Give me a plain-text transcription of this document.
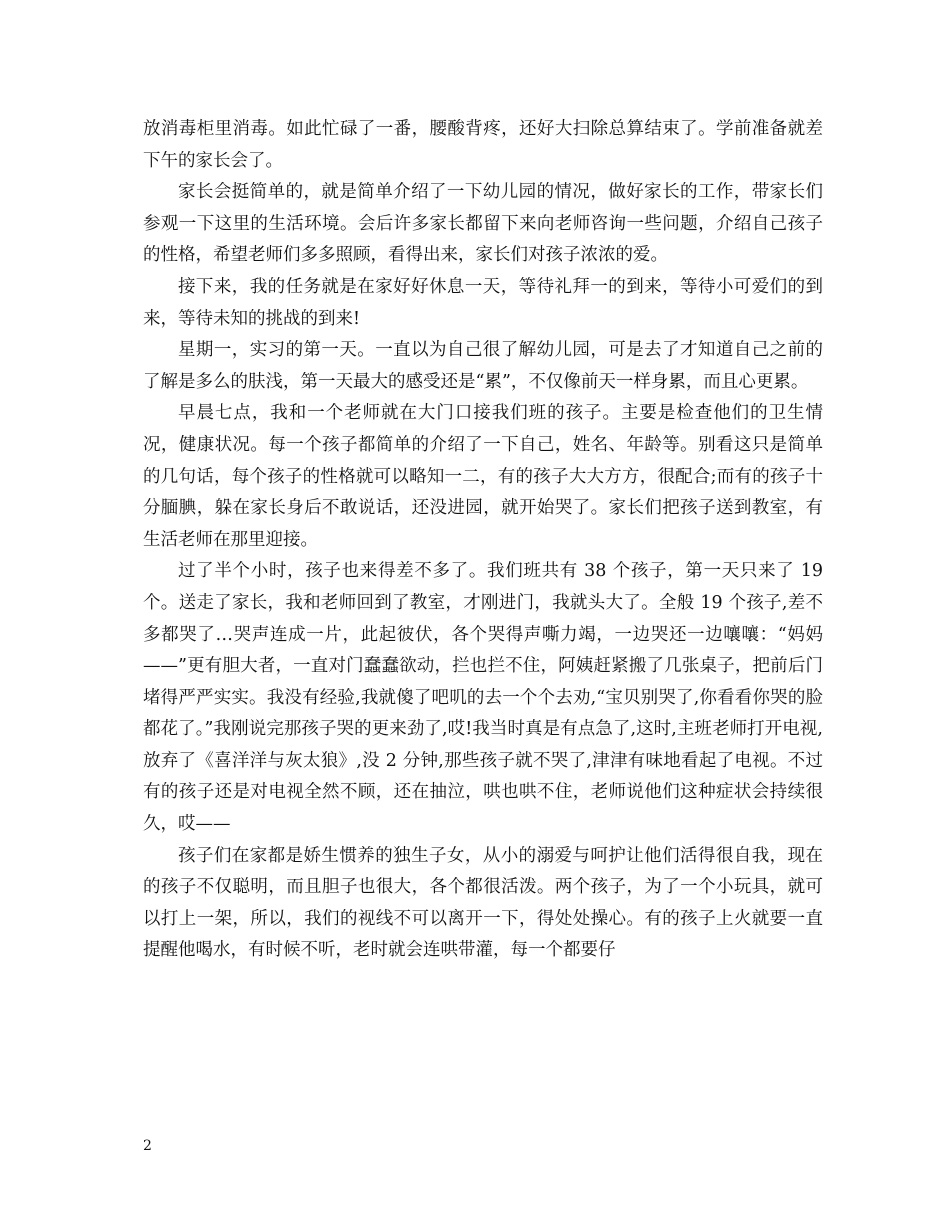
放消毒柜里消毒。如此忙碌了一番，腰酸背疼，还好大扫除总算结束了。学前准备就差下午的家长会了。

家长会挺简单的，就是简单介绍了一下幼儿园的情况，做好家长的工作，带家长们参观一下这里的生活环境。会后许多家长都留下来向老师咨询一些问题，介绍自己孩子的性格，希望老师们多多照顾，看得出来，家长们对孩子浓浓的爱。

接下来，我的任务就是在家好好休息一天，等待礼拜一的到来，等待小可爱们的到来，等待未知的挑战的到来!

星期一，实习的第一天。一直以为自己很了解幼儿园，可是去了才知道自己之前的了解是多么的肤浅，第一天最大的感受还是“累”，不仅像前天一样身累，而且心更累。

早晨七点，我和一个老师就在大门口接我们班的孩子。主要是检查他们的卫生情况，健康状况。每一个孩子都简单的介绍了一下自己，姓名、年龄等。别看这只是简单的几句话，每个孩子的性格就可以略知一二，有的孩子大大方方，很配合;而有的孩子十分腼腆，躲在家长身后不敢说话，还没进园，就开始哭了。家长们把孩子送到教室，有生活老师在那里迎接。

过了半个小时，孩子也来得差不多了。我们班共有 38 个孩子，第一天只来了 19 个。送走了家长，我和老师回到了教室，才刚进门，我就头大了。全般 19 个孩子,差不多都哭了…哭声连成一片，此起彼伏，各个哭得声嘶力竭，一边哭还一边嚷嚷：“妈妈——”更有胆大者，一直对门蠢蠢欲动，拦也拦不住，阿姨赶紧搬了几张桌子，把前后门堵得严严实实。我没有经验,我就傻了吧叽的去一个个去劝,“宝贝别哭了,你看看你哭的脸都花了。”我刚说完那孩子哭的更来劲了,哎!我当时真是有点急了,这时,主班老师打开电视,放弃了《喜洋洋与灰太狼》,没 2 分钟,那些孩子就不哭了,津津有味地看起了电视。不过有的孩子还是对电视全然不顾，还在抽泣，哄也哄不住，老师说他们这种症状会持续很久，哎——

孩子们在家都是娇生惯养的独生子女，从小的溺爱与呵护让他们活得很自我，现在的孩子不仅聪明，而且胆子也很大，各个都很活泼。两个孩子，为了一个小玩具，就可以打上一架，所以，我们的视线不可以离开一下，得处处操心。有的孩子上火就要一直提醒他喝水，有时候不听，老时就会连哄带灌，每一个都要仔

2
